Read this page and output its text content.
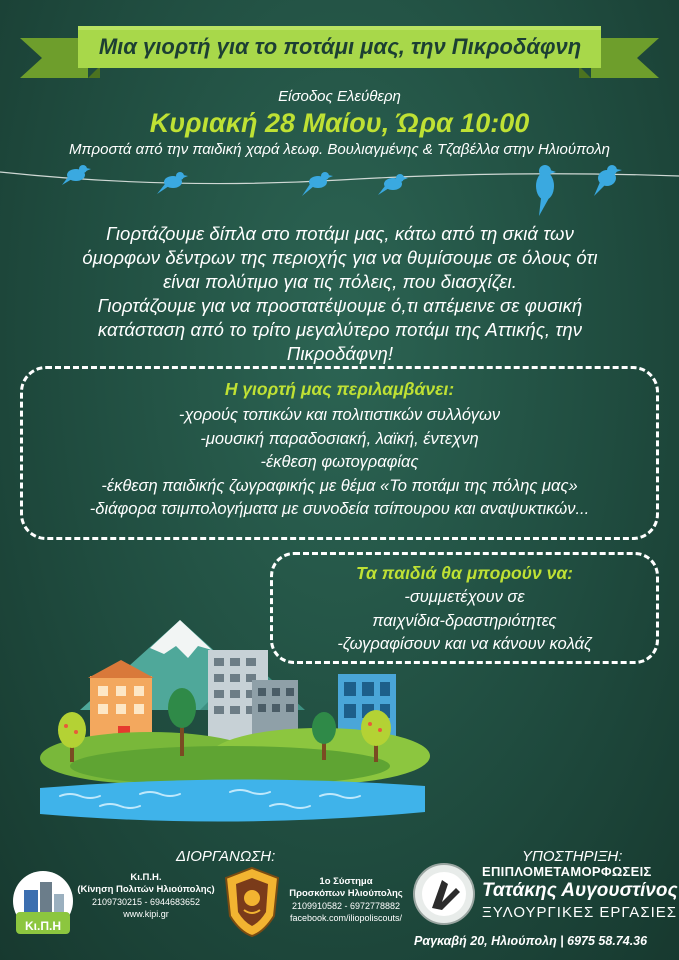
Μια γιορτή για το ποτάμι μας, την Πικροδάφνη
Είσοδος Ελεύθερη
Κυριακή 28 Μαίου, Ώρα 10:00
Μπροστά από την παιδική χαρά λεωφ. Βουλιαγμένης & Τζαβέλλα στην Ηλιούπολη
Γιορτάζουμε δίπλα στο ποτάμι μας, κάτω από τη σκιά των
όμορφων δέντρων της περιοχής για να θυμίσουμε σε όλους ότι
είναι πολύτιμο για τις πόλεις, που διασχίζει.
Γιορτάζουμε για να προστατέψουμε ό,τι απέμεινε σε φυσική
κατάσταση από το τρίτο μεγαλύτερο ποτάμι της Αττικής, την
Πικροδάφνη!
Η γιορτή μας περιλαμβάνει:
-χορούς τοπικών και πολιτιστικών συλλόγων
-μουσική παραδοσιακή, λαϊκή, έντεχνη
-έκθεση φωτογραφίας
-έκθεση παιδικής ζωγραφικής με θέμα «Το ποτάμι της πόλης μας»
-διάφορα τσιμπολογήματα με συνοδεία τσίπουρου και αναψυκτικών...
Τα παιδιά θα μπορούν να:
-συμμετέχουν σε
παιχνίδια-δραστηριότητες
-ζωγραφίσουν και να κάνουν κολάζ
ΔΙΟΡΓΑΝΩΣΗ:	ΥΠΟΣΤΗΡΙΞΗ:
Κι.Π.Η
Κι.Π.Η.
(Κίνηση Πολιτών Ηλιούπολης)
2109730215 - 6944683652
www.kipi.gr
1ο Σύστημα
Προσκόπων Ηλιούπολης
2109910582 - 6972778882
facebook.com/iliopoliscouts/
ΕΠΙΠΛΟΜΕΤΑΜΟΡΦΩΣΕΙΣ
Τατάκης Αυγουστίνος
ΞΥΛΟΥΡΓΙΚΕΣ ΕΡΓΑΣΙΕΣ
Ραγκαβή 20, Ηλιούπολη | 6975 58.74.36
